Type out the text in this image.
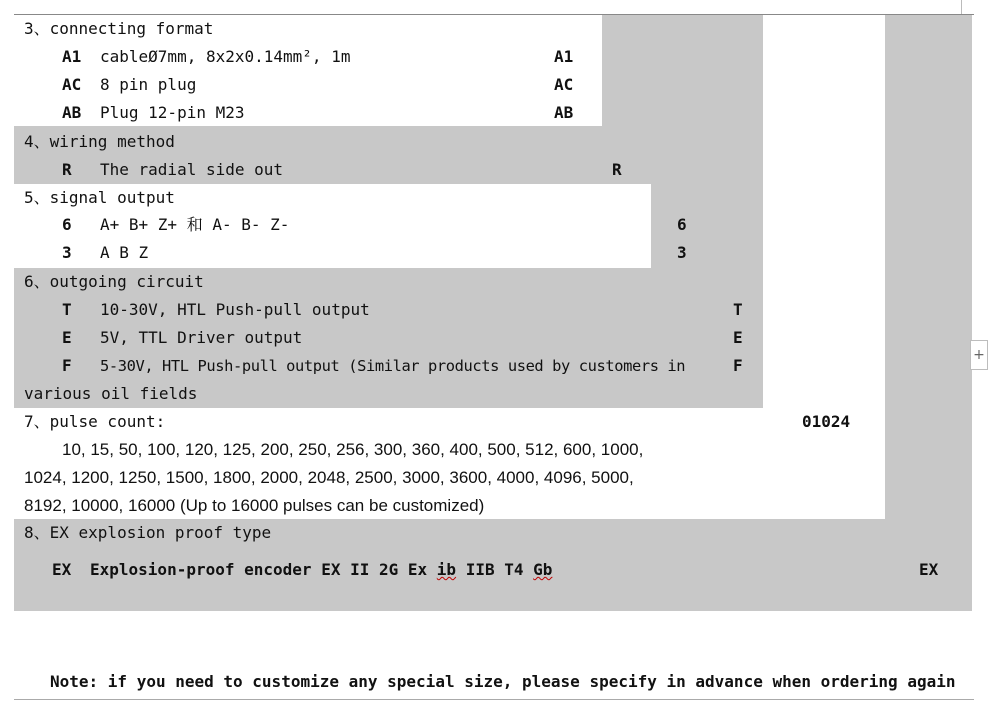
3、connecting format
A1 cableØ7mm, 8x2x0.14mm², 1m	A1
AC 8 pin plug	AC
AB Plug 12-pin M23	AB
4、wiring method
R The radial side out	R
5、signal output
6 A+ B+ Z+ 和 A- B- Z-	6
3 A B Z	3
6、outgoing circuit
T 10-30V, HTL Push-pull output	T
E 5V, TTL Driver output	E
F 5-30V, HTL Push-pull output (Similar products used by customers in	F
various oil fields
7、pulse count:	01024
10, 15, 50, 100, 120, 125, 200, 250, 256, 300, 360, 400, 500, 512, 600, 1000,
1024, 1200, 1250, 1500, 1800, 2000, 2048, 2500, 3000, 3600, 4000, 4096, 5000,
8192, 10000, 16000 (Up to 16000 pulses can be customized)
8、EX explosion proof type
EX Explosion-proof encoder EX II 2G Ex ib IIB T4 Gb	EX
Note: if you need to customize any special size, please specify in advance when ordering again
+
